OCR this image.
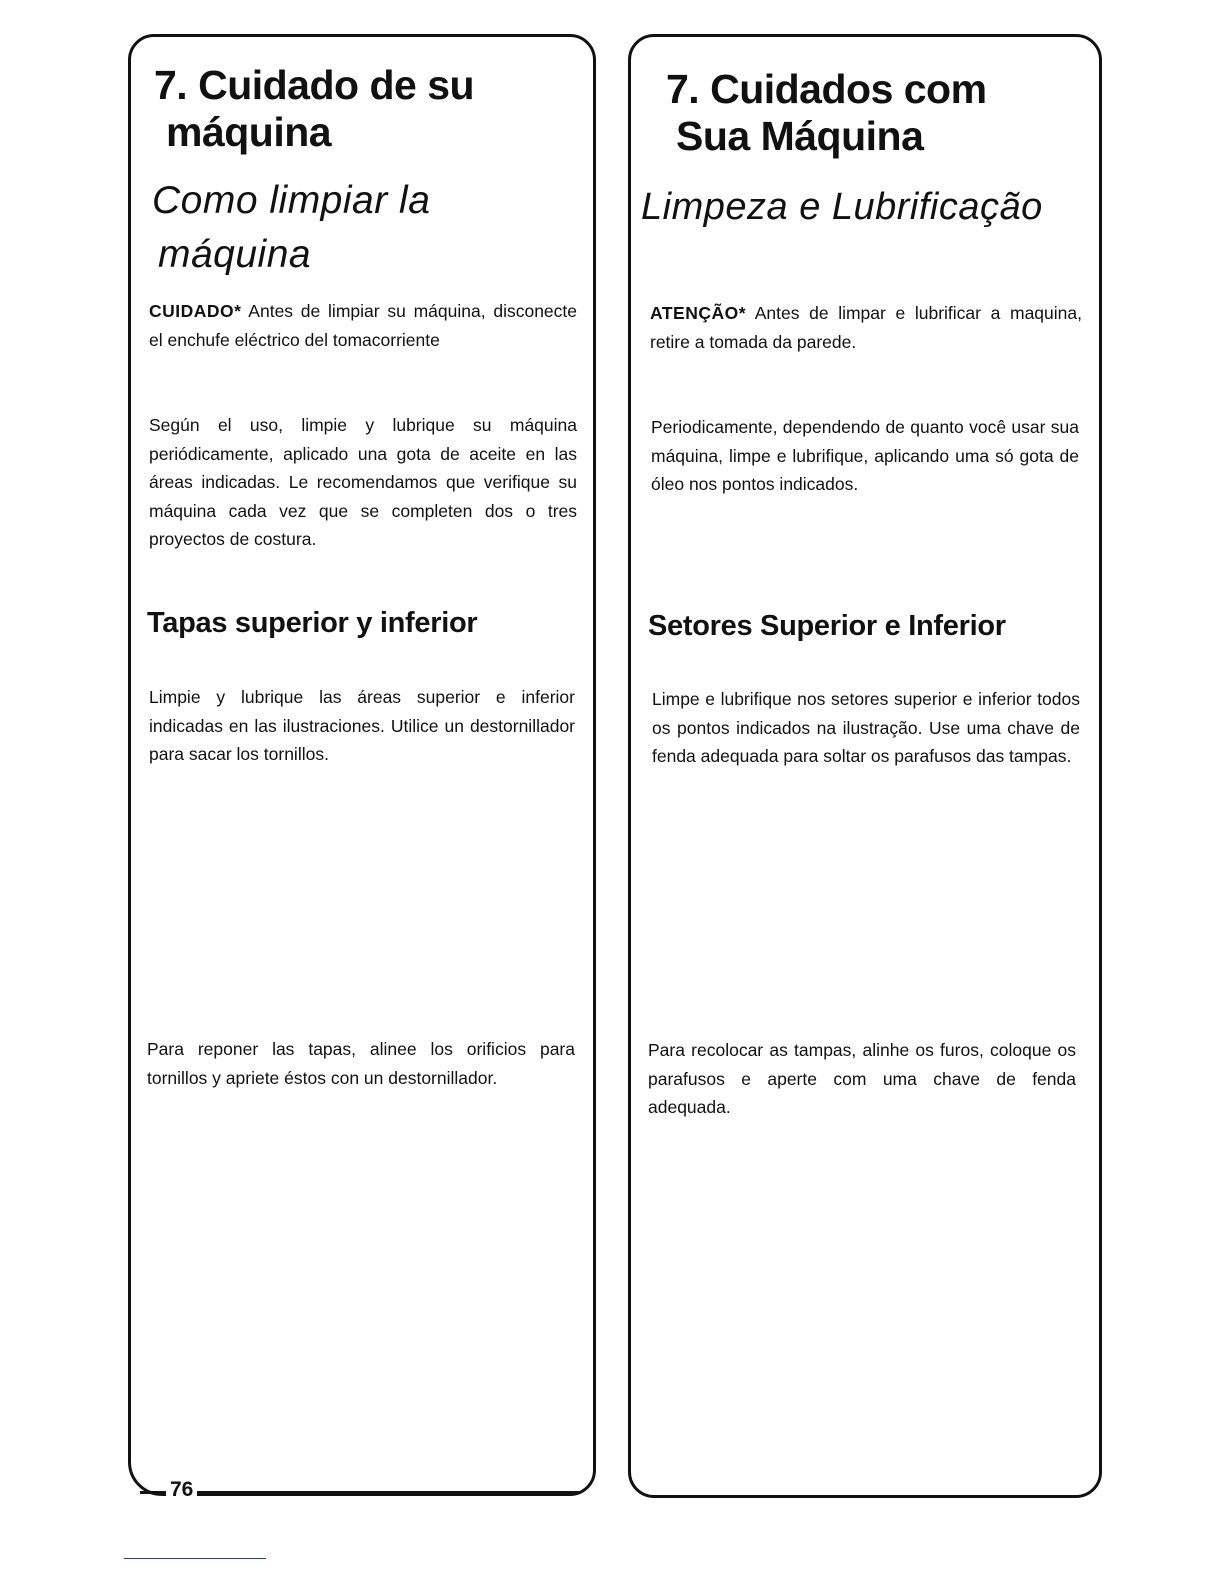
7. Cuidado de su
máquina
Como limpiar la
máquina

CUIDADO* Antes de limpiar su máquina, disconecte el enchufe eléctrico del tomacorriente

Según el uso, limpie y lubrique su máquina periódicamente, aplicado una gota de aceite en las áreas indicadas. Le recomendamos que verifique su máquina cada vez que se completen dos o tres proyectos de costura.

Tapas superior y inferior

Limpie y lubrique las áreas superior e inferior indicadas en las ilustraciones. Utilice un destornillador para sacar los tornillos.

Para reponer las tapas, alinee los orificios para tornillos y apriete éstos con un destornillador.

7. Cuidados com
Sua Máquina
Limpeza e Lubrificação

ATENÇÃO* Antes de limpar e lubrificar a maquina, retire a tomada da parede.

Periodicamente, dependendo de quanto você usar sua máquina, limpe e lubrifique, aplicando uma só gota de óleo nos pontos indicados.

Setores Superior e Inferior

Limpe e lubrifique nos setores superior e inferior todos os pontos indicados na ilustração. Use uma chave de fenda adequada para soltar os parafusos das tampas.

Para recolocar as tampas, alinhe os furos, coloque os parafusos e aperte com uma chave de fenda adequada.

76
